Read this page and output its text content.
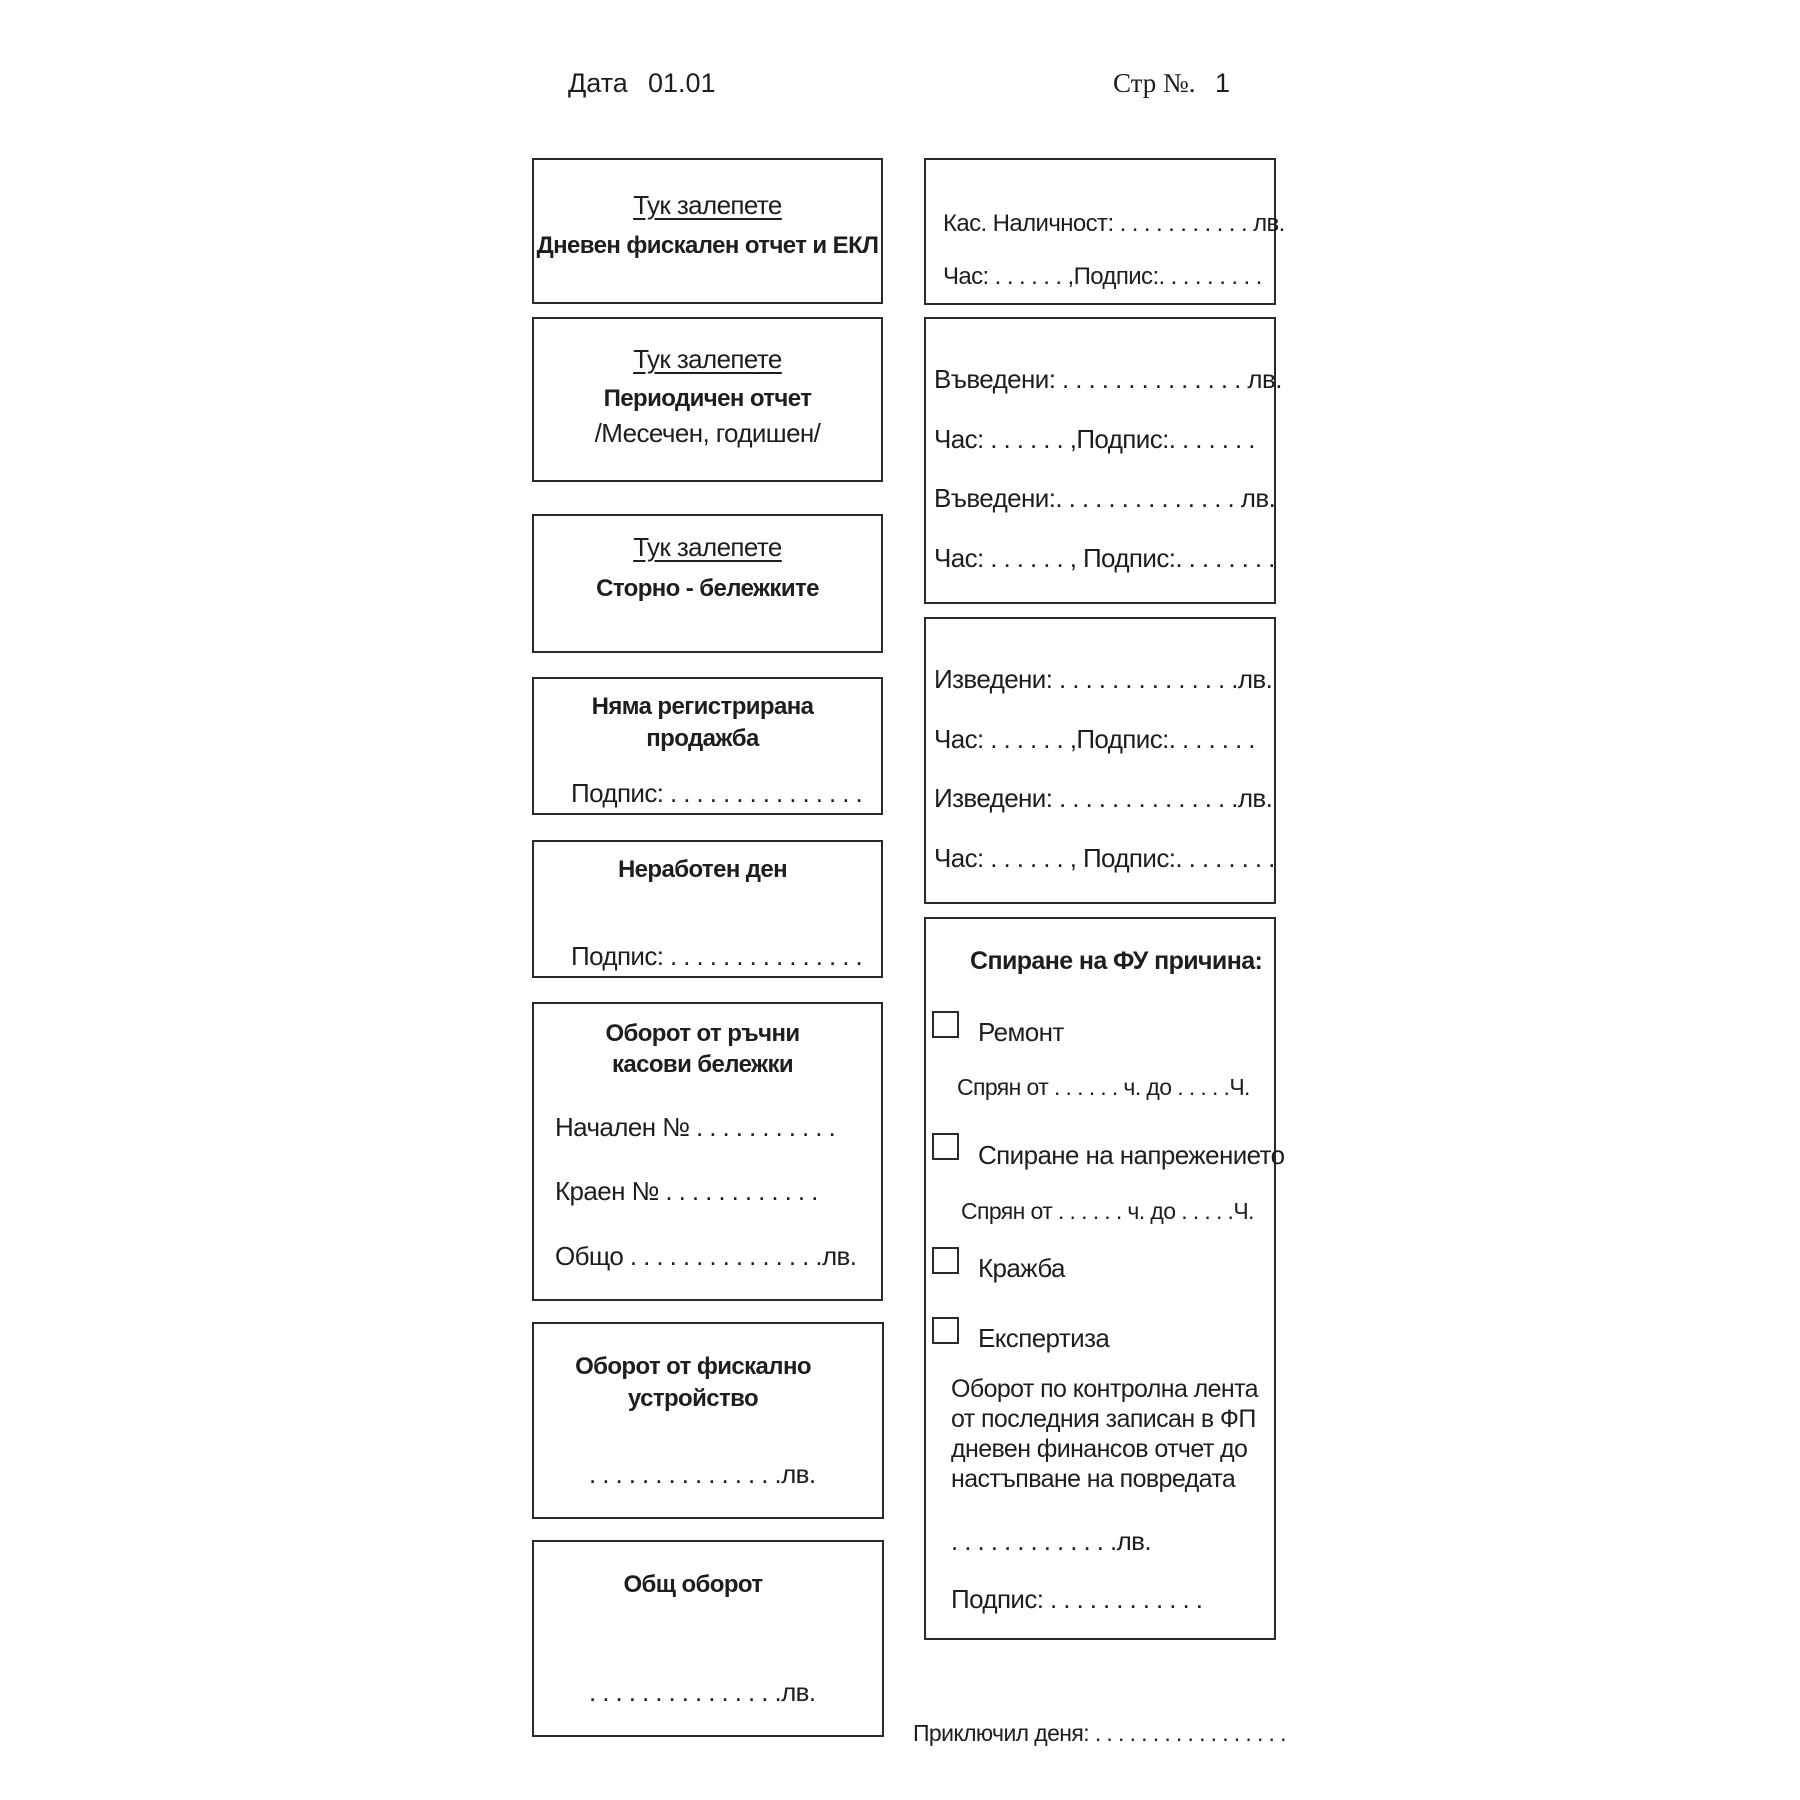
Дата 01.01	Стр №. 1
Тук залепете
Дневен фискален отчет и ЕКЛ
Тук залепете
Периодичен отчет
/Месечен, годишен/
Тук залепете
Сторно - бележките
Няма регистрирана
продажба
Подпис: . . . . . . . . . . . . . . .
Неработен ден
Подпис: . . . . . . . . . . . . . . .
Оборот от ръчни
касови бележки
Начален № . . . . . . . . . . .
Краен № . . . . . . . . . . . .
Общо . . . . . . . . . . . . . . .лв.
Оборот от фискално
устройство
. . . . . . . . . . . . . . .лв.
Общ оборот
. . . . . . . . . . . . . . .лв.
Кас. Наличност: . . . . . . . . . . . лв.
Час: . . . . . . ,Подпис:. . . . . . . . .
Въведени: . . . . . . . . . . . . . . лв.
Час: . . . . . . ,Подпис:. . . . . . .
Въведени:. . . . . . . . . . . . . . лв.
Час: . . . . . . , Подпис:. . . . . . . .
Изведени: . . . . . . . . . . . . . .лв.
Час: . . . . . . ,Подпис:. . . . . . .
Изведени: . . . . . . . . . . . . . .лв.
Час: . . . . . . , Подпис:. . . . . . . .
Спиране на ФУ причина:
Ремонт
Спрян от . . . . . . ч. до . . . . .Ч.
Спиране на напрежението
Спрян от . . . . . . ч. до . . . . .Ч.
Кражба
Експертиза
Оборот по контролна лента
от последния записан в ФП
дневен финансов отчет до
настъпване на повредата
. . . . . . . . . . . . .лв.
Подпис: . . . . . . . . . . . .
Приключил деня: . . . . . . . . . . . . . . . . .
